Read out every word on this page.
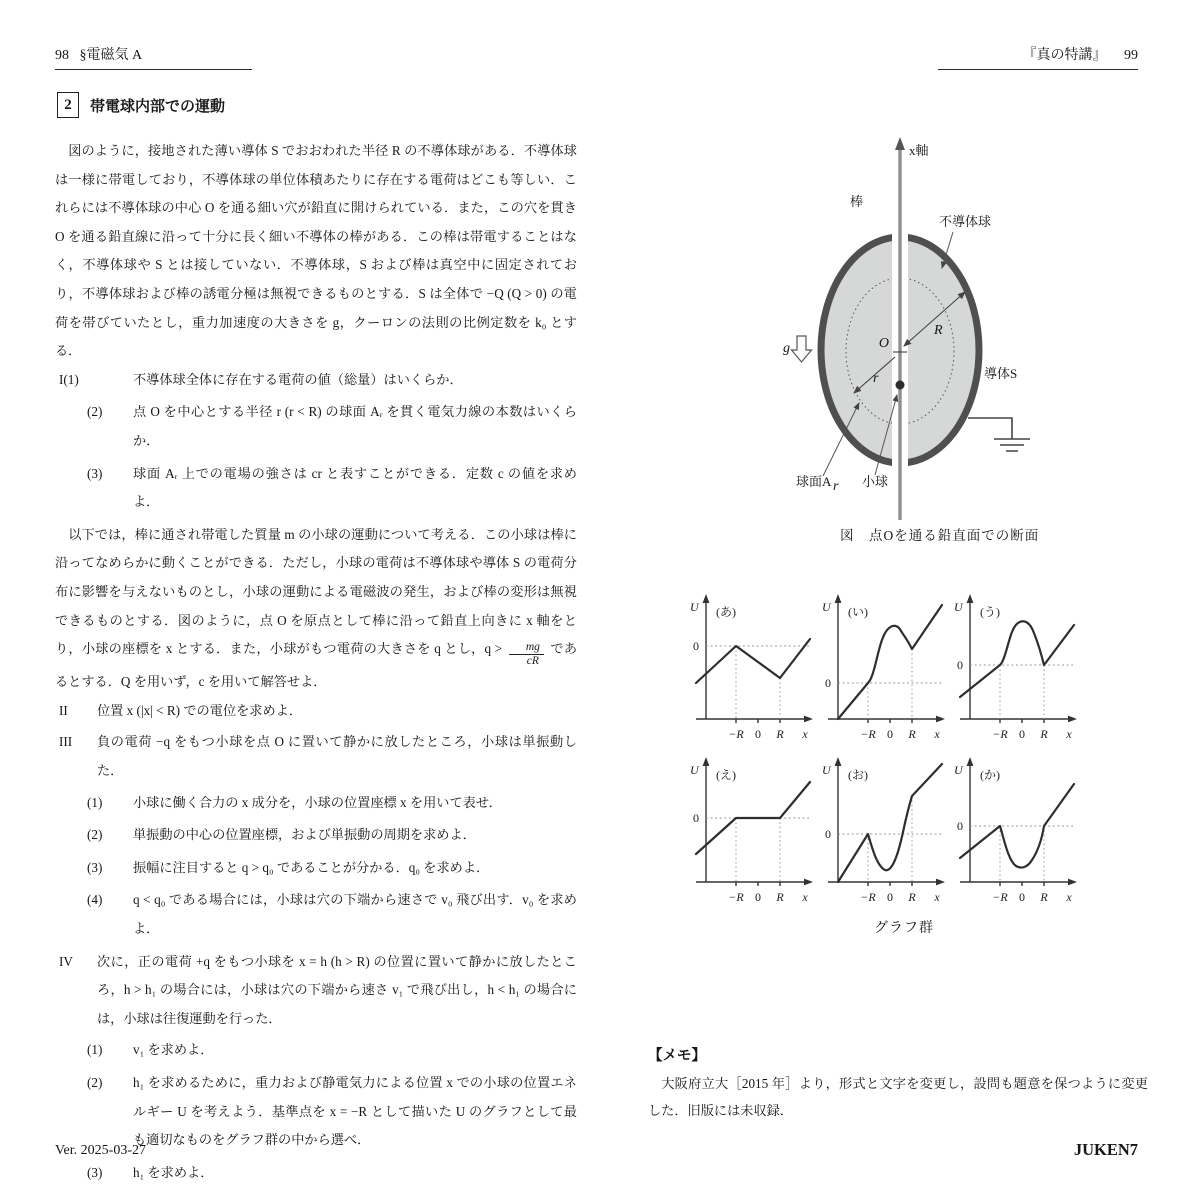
98 §電磁気 A	『真の特講』 99
2	帯電球内部での運動

図のように，接地された薄い導体 S でおおわれた半径 R の不導体球がある．不導体球は一様に帯電しており，不導体球の単位体積あたりに存在する電荷はどこも等しい．これらには不導体球の中心 O を通る細い穴が鉛直に開けられている．また，この穴を貫き O を通る鉛直線に沿って十分に長く細い不導体の棒がある．この棒は帯電することはなく，不導体球や S とは接していない．不導体球，S および棒は真空中に固定されており，不導体球および棒の誘電分極は無視できるものとする．S は全体で −Q (Q > 0) の電荷を帯びていたとし，重力加速度の大きさを g，クーロンの法則の比例定数を k₀ とする．

I(1)	不導体球全体に存在する電荷の値（総量）はいくらか．
(2) 点 O を中心とする半径 r (r < R) の球面 Aᵣ を貫く電気力線の本数はいくらか．
(3) 球面 Aᵣ 上での電場の強さは cr と表すことができる．定数 c の値を求めよ．

以下では，棒に通され帯電した質量 m の小球の運動について考える．この小球は棒に沿ってなめらかに動くことができる．ただし，小球の電荷は不導体球や導体 S の電荷分布に影響を与えないものとし，小球の運動による電磁波の発生，および棒の変形は無視できるものとする．図のように，点 O を原点として棒に沿って鉛直上向きに x 軸をとり，小球の座標を x とする．また，小球がもつ電荷の大きさを q とし，$q > \frac{mg}{cR}$ であるとする．Q を用いず，c を用いて解答せよ．

II 位置 x (|x| < R) での電位を求めよ．
III 負の電荷 −q をもつ小球を点 O に置いて静かに放したところ，小球は単振動した．
(1) 小球に働く合力の x 成分を，小球の位置座標 x を用いて表せ．
(2) 単振動の中心の位置座標，および単振動の周期を求めよ．
(3) 振幅に注目すると q > q₀ であることが分かる．q₀ を求めよ．
(4) q < q₀ である場合には，小球は穴の下端から速さで v₀ 飛び出す．v₀ を求めよ．
IV 次に，正の電荷 +q をもつ小球を x = h (h > R) の位置に置いて静かに放したところ，h > h₁ の場合には，小球は穴の下端から速さ v₁ で飛び出し，h < h₁ の場合には，小球は往復運動を行った．
(1) v₁ を求めよ．
(2) h₁ を求めるために，重力および静電気力による位置 x での小球の位置エネルギー U を考えよう．基準点を x = −R として描いた U のグラフとして最も適切なものをグラフ群の中から選べ．
(3) h₁ を求めよ．
x軸
棒
不導体球
導体S
g	O
R
r
球面A r 小球
図　点Oを通る鉛直面での断面
U (あ)
0
−R 0 R x
U (い)
0
−R 0 R x
U (う)
0
−R 0 R x
U (え)
0
−R 0 R x
U (お)
0
−R 0 R x
U (か)
0
−R 0 R x
グラフ群
【メモ】
大阪府立大［2015 年］より，形式と文字を変更し，設問も題意を保つように変更した．旧版には未収録．
Ver. 2025-03-27	JUKEN7
